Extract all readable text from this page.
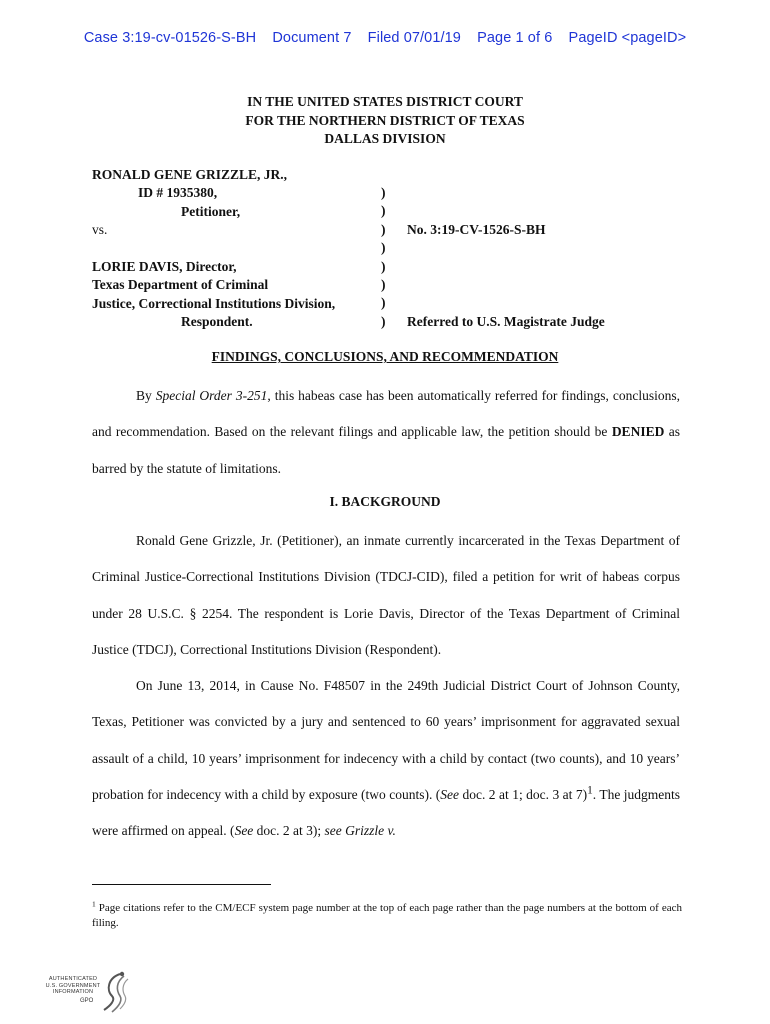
Case 3:19-cv-01526-S-BH Document 7 Filed 07/01/19 Page 1 of 6 PageID <pageID>
IN THE UNITED STATES DISTRICT COURT
FOR THE NORTHERN DISTRICT OF TEXAS
DALLAS DIVISION
RONALD GENE GRIZZLE, JR.,
ID # 1935380,
Petitioner,
vs.

LORIE DAVIS, Director,
Texas Department of Criminal
Justice, Correctional Institutions Division,
Respondent.
)
)
)
)
)
)
)
)
No. 3:19-CV-1526-S-BH
Referred to U.S. Magistrate Judge
FINDINGS, CONCLUSIONS, AND RECOMMENDATION

By Special Order 3-251, this habeas case has been automatically referred for findings, conclusions, and recommendation. Based on the relevant filings and applicable law, the petition should be DENIED as barred by the statute of limitations.

I. BACKGROUND

Ronald Gene Grizzle, Jr. (Petitioner), an inmate currently incarcerated in the Texas Department of Criminal Justice-Correctional Institutions Division (TDCJ-CID), filed a petition for writ of habeas corpus under 28 U.S.C. § 2254. The respondent is Lorie Davis, Director of the Texas Department of Criminal Justice (TDCJ), Correctional Institutions Division (Respondent).

On June 13, 2014, in Cause No. F48507 in the 249th Judicial District Court of Johnson County, Texas, Petitioner was convicted by a jury and sentenced to 60 years’ imprisonment for aggravated sexual assault of a child, 10 years’ imprisonment for indecency with a child by contact (two counts), and 10 years’ probation for indecency with a child by exposure (two counts). (See doc. 2 at 1; doc. 3 at 7)$^1$. The judgments were affirmed on appeal. (See doc. 2 at 3); see Grizzle v.

$^1$ Page citations refer to the CM/ECF system page number at the top of each page rather than the page numbers at the bottom of each filing.
AUTHENTICATED
U.S. GOVERNMENT
INFORMATION
GPO
